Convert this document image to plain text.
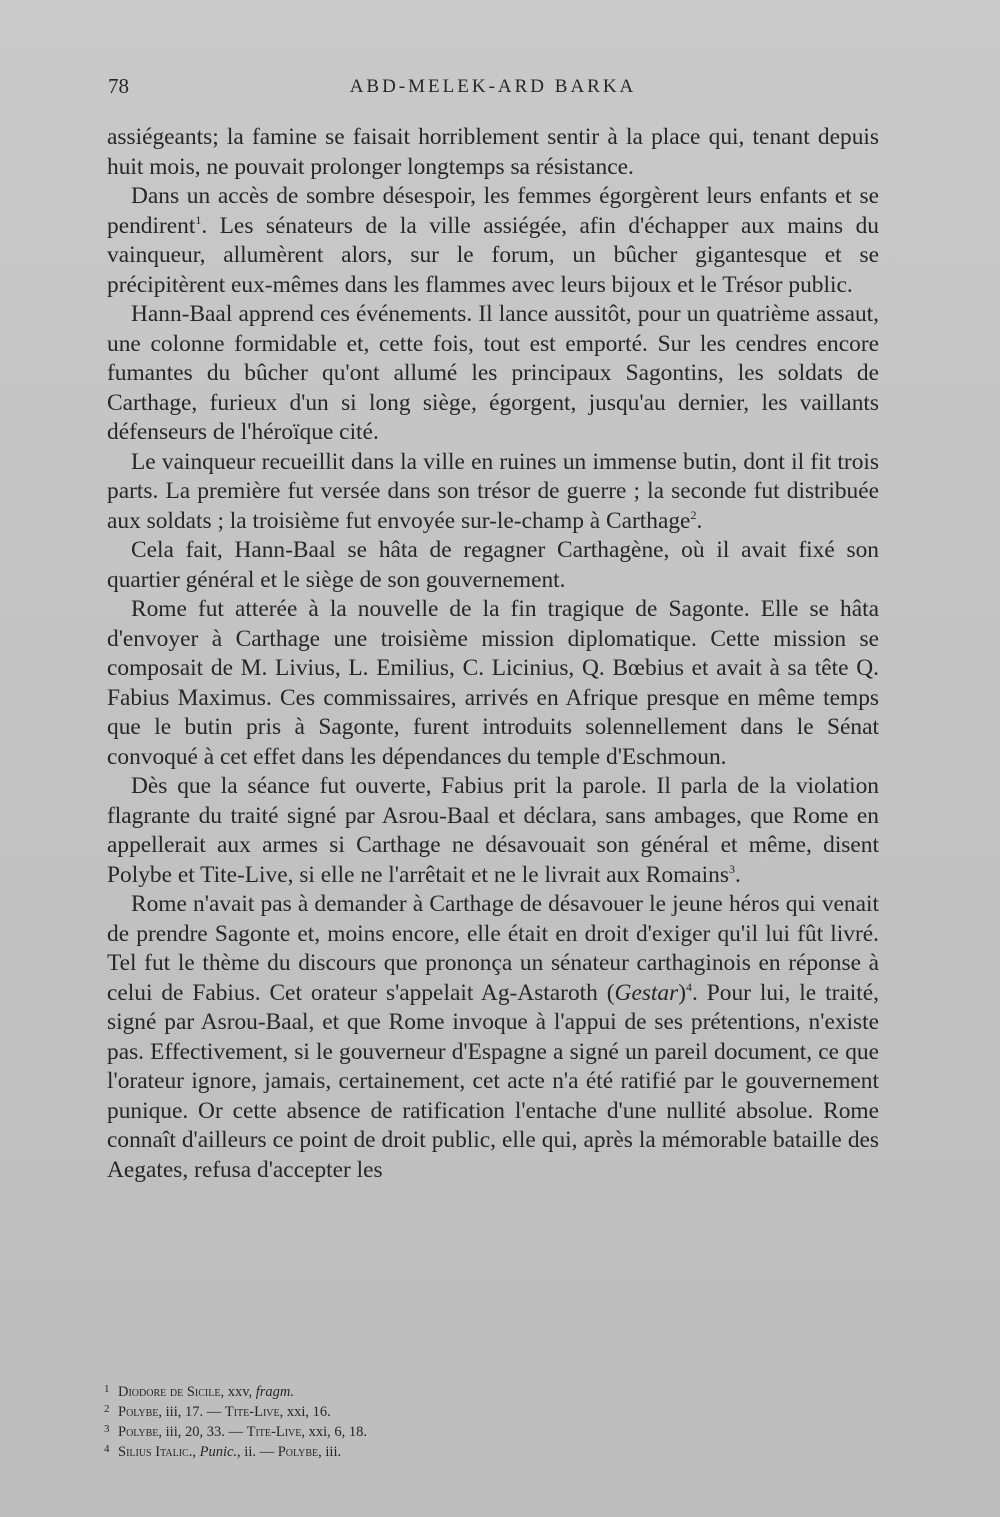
78	ABD-MELEK-ARD BARKA

assiégeants; la famine se faisait horriblement sentir à la place qui, tenant depuis huit mois, ne pouvait prolonger longtemps sa résistance.

Dans un accès de sombre désespoir, les femmes égorgèrent leurs enfants et se pendirent$^1$. Les sénateurs de la ville assiégée, afin d'échapper aux mains du vainqueur, allumèrent alors, sur le forum, un bûcher gigantesque et se précipitèrent eux-mêmes dans les flammes avec leurs bijoux et le Trésor public.

Hann-Baal apprend ces événements. Il lance aussitôt, pour un quatrième assaut, une colonne formidable et, cette fois, tout est emporté. Sur les cendres encore fumantes du bûcher qu'ont allumé les principaux Sagontins, les soldats de Carthage, furieux d'un si long siège, égorgent, jusqu'au dernier, les vaillants défenseurs de l'héroïque cité.

Le vainqueur recueillit dans la ville en ruines un immense butin, dont il fit trois parts. La première fut versée dans son trésor de guerre ; la seconde fut distribuée aux soldats ; la troisième fut envoyée sur-le-champ à Carthage$^2$.

Cela fait, Hann-Baal se hâta de regagner Carthagène, où il avait fixé son quartier général et le siège de son gouvernement.

Rome fut atterée à la nouvelle de la fin tragique de Sagonte. Elle se hâta d'envoyer à Carthage une troisième mission diplomatique. Cette mission se composait de M. Livius, L. Emilius, C. Licinius, Q. Bœbius et avait à sa tête Q. Fabius Maximus. Ces commissaires, arrivés en Afrique presque en même temps que le butin pris à Sagonte, furent introduits solennellement dans le Sénat convoqué à cet effet dans les dépendances du temple d'Eschmoun.

Dès que la séance fut ouverte, Fabius prit la parole. Il parla de la violation flagrante du traité signé par Asrou-Baal et déclara, sans ambages, que Rome en appellerait aux armes si Carthage ne désavouait son général et même, disent Polybe et Tite-Live, si elle ne l'arrêtait et ne le livrait aux Romains$^3$.

Rome n'avait pas à demander à Carthage de désavouer le jeune héros qui venait de prendre Sagonte et, moins encore, elle était en droit d'exiger qu'il lui fût livré. Tel fut le thème du discours que prononça un sénateur carthaginois en réponse à celui de Fabius. Cet orateur s'appelait Ag-Astaroth (Gestar)$^4$. Pour lui, le traité, signé par Asrou-Baal, et que Rome invoque à l'appui de ses prétentions, n'existe pas. Effectivement, si le gouverneur d'Espagne a signé un pareil document, ce que l'orateur ignore, jamais, certainement, cet acte n'a été ratifié par le gouvernement punique. Or cette absence de ratification l'entache d'une nullité absolue. Rome connaît d'ailleurs ce point de droit public, elle qui, après la mémorable bataille des Aegates, refusa d'accepter les

1 Diodore de Sicile, xxv, fragm.
2 Polybe, iii, 17. — Tite-Live, xxi, 16.
3 Polybe, iii, 20, 33. — Tite-Live, xxi, 6, 18.
4 Silius Italic., Punic., ii. — Polybe, iii.
